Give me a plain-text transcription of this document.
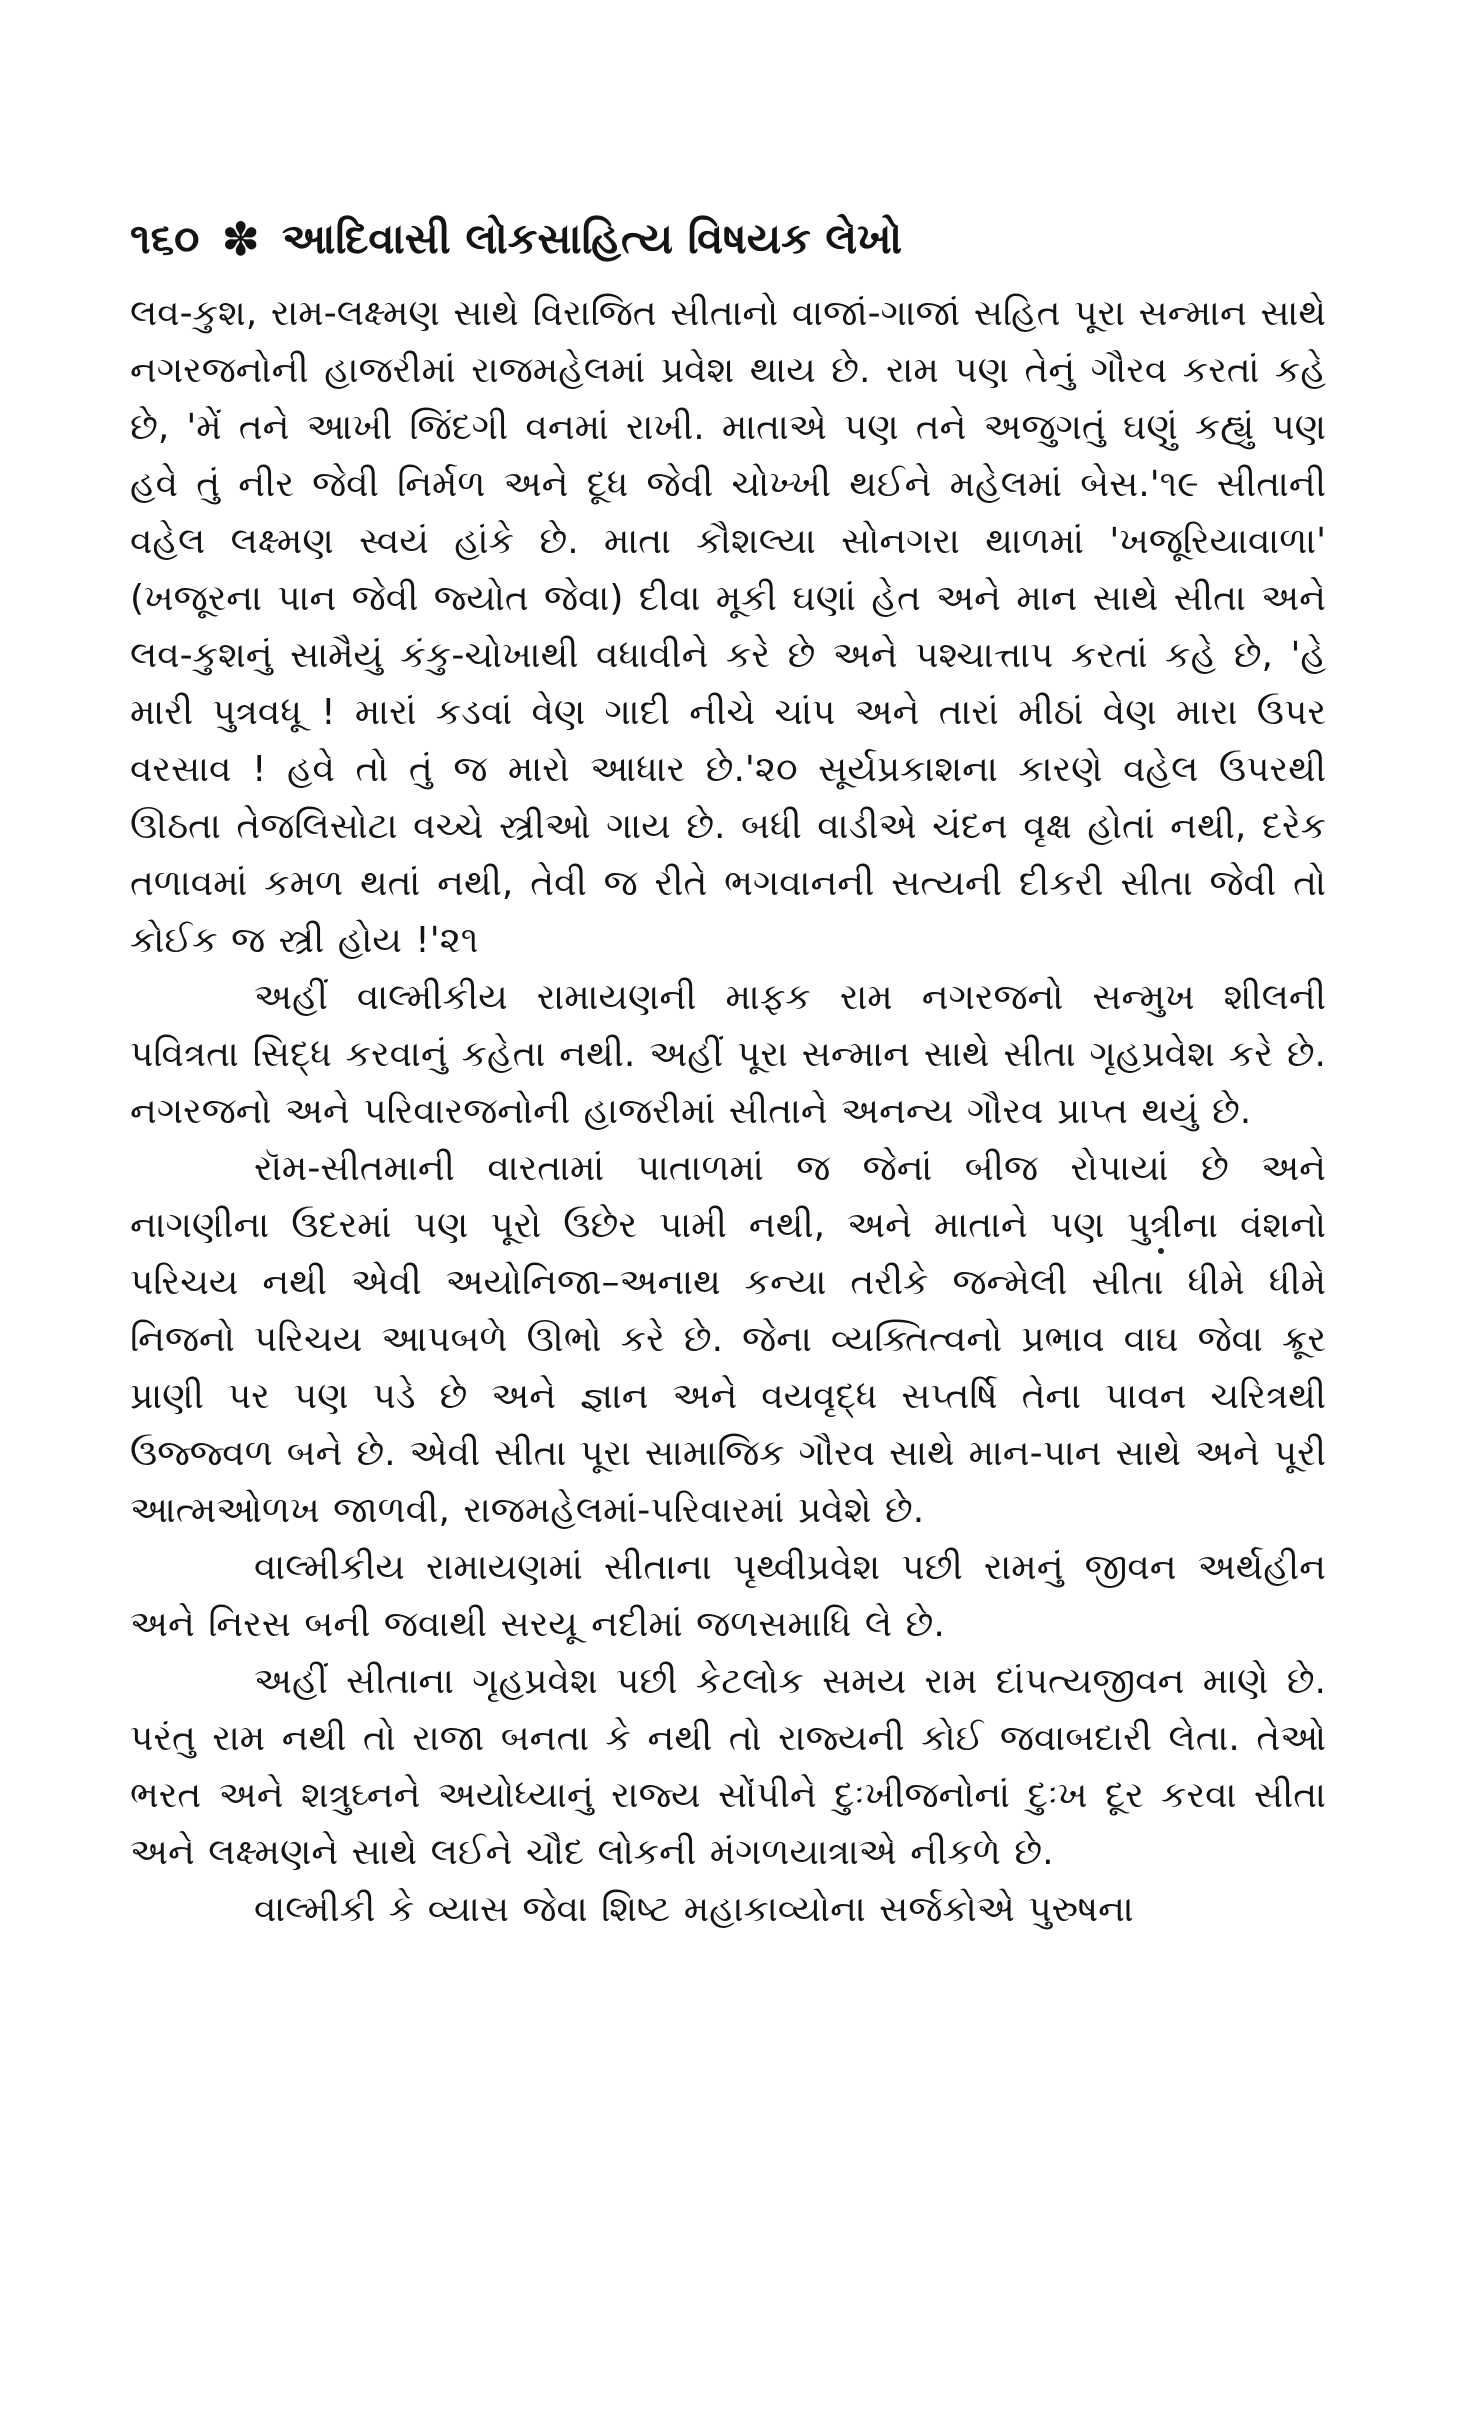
૧૬૦ ✽ આદિવાસી લોકસાહિત્ય વિષયક લેખો

લવ-કુશ, રામ-લક્ષ્મણ સાથે વિરાજિત સીતાનો વાજાં-ગાજાં સહિત પૂરા સન્માન સાથે નગરજનોની હાજરીમાં રાજમહેલમાં પ્રવેશ થાય છે. રામ પણ તેનું ગૌરવ કરતાં કહે છે, 'મેં તને આખી જિંદગી વનમાં રાખી. માતાએ પણ તને અજુગતું ઘણું કહ્યું પણ હવે તું નીર જેવી નિર્મળ અને દૂધ જેવી ચોખ્ખી થઈને મહેલમાં બેસ.'૧૯ સીતાની વહેલ લક્ષ્મણ સ્વયં હાંકે છે. માતા કૌશલ્યા સોનગરા થાળમાં 'ખજૂરિયાવાળા' (ખજૂરના પાન જેવી જ્યોત જેવા) દીવા મૂકી ઘણાં હેત અને માન સાથે સીતા અને લવ-કુશનું સામૈયું કંકુ-ચોખાથી વધાવીને કરે છે અને પશ્ચાત્તાપ કરતાં કહે છે, 'હે મારી પુત્રવધૂ ! મારાં કડવાં વેણ ગાદી નીચે ચાંપ અને તારાં મીઠાં વેણ મારા ઉપર વરસાવ ! હવે તો તું જ મારો આધાર છે.'૨૦ સૂર્યપ્રકાશના કારણે વહેલ ઉપરથી ઊઠતા તેજલિસોટા વચ્ચે સ્ત્રીઓ ગાય છે. બધી વાડીએ ચંદન વૃક્ષ હોતાં નથી, દરેક તળાવમાં કમળ થતાં નથી, તેવી જ રીતે ભગવાનની સત્યની દીકરી સીતા જેવી તો કોઈક જ સ્ત્રી હોય !'૨૧

અહીં વાલ્મીકીય રામાયણની માફક રામ નગરજનો સન્મુખ શીલની પવિત્રતા સિદ્ધ કરવાનું કહેતા નથી. અહીં પૂરા સન્માન સાથે સીતા ગૃહપ્રવેશ કરે છે. નગરજનો અને પરિવારજનોની હાજરીમાં સીતાને અનન્ય ગૌરવ પ્રાપ્ત થયું છે.

રૉમ-સીતમાની વારતામાં પાતાળમાં જ જેનાં બીજ રોપાયાં છે અને નાગણીના ઉદરમાં પણ પૂરો ઉછેર પામી નથી, અને માતાને પણ પુત્રીના વંશનો પરિચય નથી એવી અયોનિજા–અનાથ કન્યા તરીકે જન્મેલી સીતા ધીમે ધીમે નિજનો પરિચય આપબળે ઊભો કરે છે. જેના વ્યક્તિત્વનો પ્રભાવ વાઘ જેવા ક્રૂર પ્રાણી પર પણ પડે છે અને જ્ઞાન અને વયવૃદ્ધ સપ્તર્ષિ તેના પાવન ચરિત્રથી ઉજ્જ્વળ બને છે. એવી સીતા પૂરા સામાજિક ગૌરવ સાથે માન-પાન સાથે અને પૂરી આત્મઓળખ જાળવી, રાજમહેલમાં-પરિવારમાં પ્રવેશે છે.

વાલ્મીકીય રામાયણમાં સીતાના પૃથ્વીપ્રવેશ પછી રામનું જીવન અર્થહીન અને નિરસ બની જવાથી સરયૂ નદીમાં જળસમાધિ લે છે.

અહીં સીતાના ગૃહપ્રવેશ પછી કેટલોક સમય રામ દાંપત્યજીવન માણે છે. પરંતુ રામ નથી તો રાજા બનતા કે નથી તો રાજ્યની કોઈ જવાબદારી લેતા. તેઓ ભરત અને શત્રુઘ્નને અયોધ્યાનું રાજ્ય સોંપીને દુઃખીજનોનાં દુઃખ દૂર કરવા સીતા અને લક્ષ્મણને સાથે લઈને ચૌદ લોકની મંગળયાત્રાએ નીકળે છે.

વાલ્મીકી કે વ્યાસ જેવા શિષ્ટ મહાકાવ્યોના સર્જકોએ પુરુષના
